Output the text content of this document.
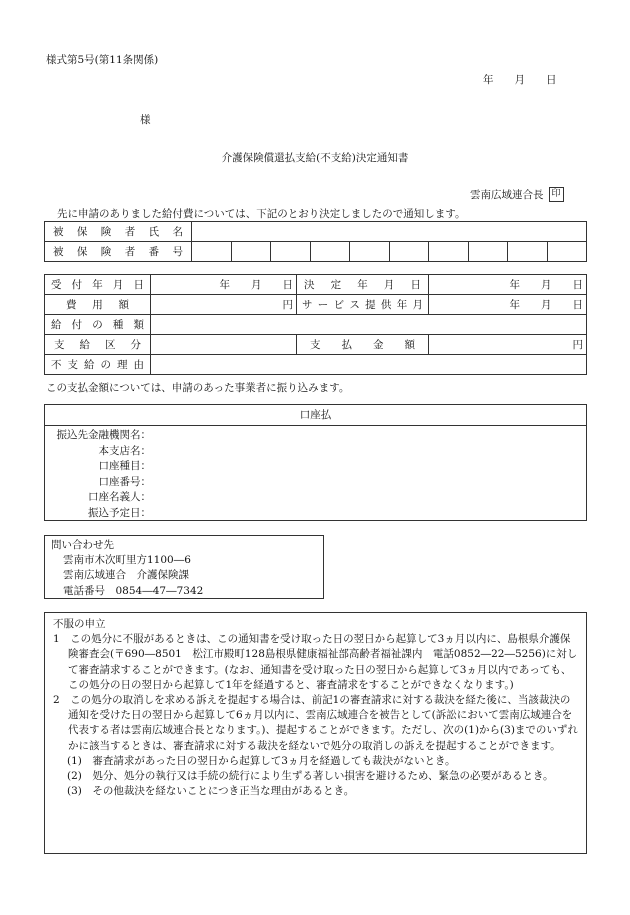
様式第5号(第11条関係)
年　　月　　日
様
介護保険償還払支給(不支給)決定通知書
雲南広域連合長 印
先に申請のありました給付費については、下記のとおり決定しましたので通知します。
被保険者氏名										

被保険者番号										

受付年月日	年　　月　　日	決定年月日	年　　月　　日

費用額	円	サービス提供年月	年　　月　　日

給付の種類			

支給区分		支払金額	円

不支給の理由			

この支払金額については、申請のあった事業者に振り込みます。
口座払
振込先金融機関名：
本支店名：
口座種目：
口座番号：
口座名義人：
振込予定日：
問い合わせ先
雲南市木次町里方1100―6
雲南広域連合　介護保険課
電話番号　0854―47―7342
不服の申立
1　この処分に不服があるときは、この通知書を受け取った日の翌日から起算して3ヵ月以内に、島根県介護保険審査会(〒690―8501　松江市殿町128島根県健康福祉部高齢者福祉課内　電話0852―22―5256)に対して審査請求することができます。(なお、通知書を受け取った日の翌日から起算して3ヵ月以内であっても、この処分の日の翌日から起算して1年を経過すると、審査請求をすることができなくなります。)
2　この処分の取消しを求める訴えを提起する場合は、前記1の審査請求に対する裁決を経た後に、当該裁決の通知を受けた日の翌日から起算して6ヵ月以内に、雲南広域連合を被告として(訴訟において雲南広域連合を代表する者は雲南広域連合長となります。)、提起することができます。ただし、次の(1)から(3)までのいずれかに該当するときは、審査請求に対する裁決を経ないで処分の取消しの訴えを提起することができます。
(1)　審査請求があった日の翌日から起算して3ヵ月を経過しても裁決がないとき。
(2)　処分、処分の執行又は手続の続行により生ずる著しい損害を避けるため、緊急の必要があるとき。
(3)　その他裁決を経ないことにつき正当な理由があるとき。
